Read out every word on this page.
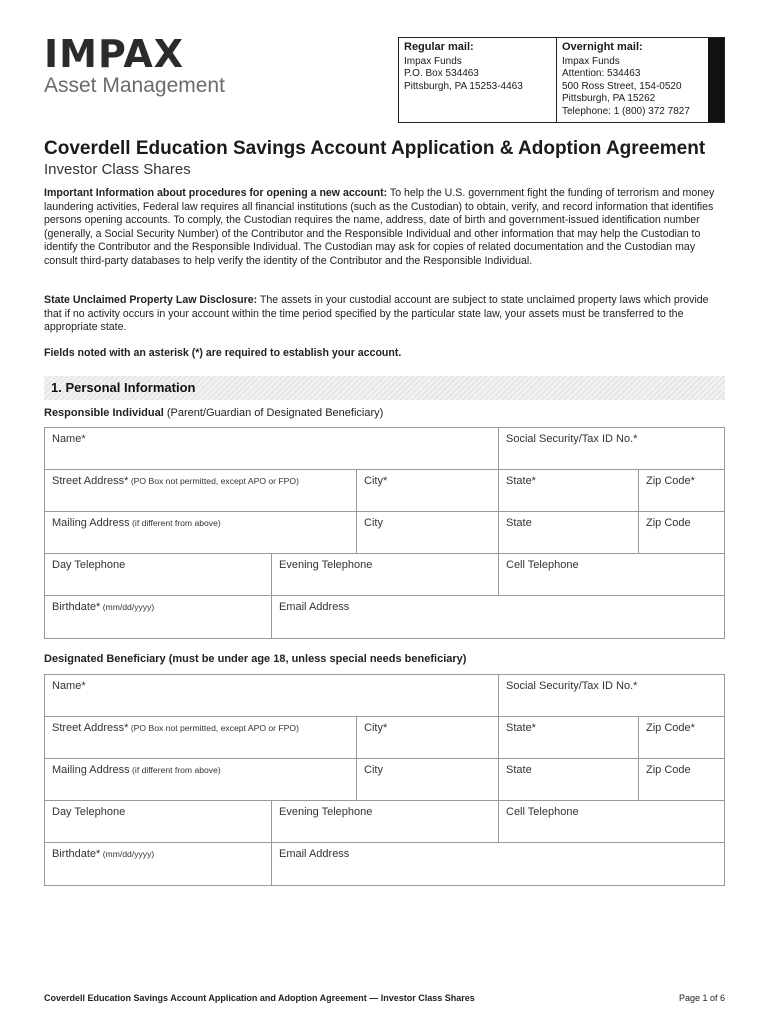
IMPAX
Asset Management
Regular mail:
Impax Funds
P.O. Box 534463
Pittsburgh, PA 15253-4463
Overnight mail:
Impax Funds
Attention: 534463
500 Ross Street, 154-0520
Pittsburgh, PA 15262
Telephone: 1 (800) 372 7827
Coverdell Education Savings Account Application & Adoption Agreement
Investor Class Shares
Important Information about procedures for opening a new account: To help the U.S. government fight the funding of terrorism and money laundering activities, Federal law requires all financial institutions (such as the Custodian) to obtain, verify, and record information that identifies persons opening accounts. To comply, the Custodian requires the name, address, date of birth and government-issued identification number (generally, a Social Security Number) of the Contributor and the Responsible Individual and other information that may help the Custodian to identify the Contributor and the Responsible Individual. The Custodian may ask for copies of related documentation and the Custodian may consult third-party databases to help verify the identity of the Contributor and the Responsible Individual.
State Unclaimed Property Law Disclosure: The assets in your custodial account are subject to state unclaimed property laws which provide that if no activity occurs in your account within the time period specified by the particular state law, your assets must be transferred to the appropriate state.
Fields noted with an asterisk (*) are required to establish your account.
1. Personal Information
Responsible Individual (Parent/Guardian of Designated Beneficiary)
Name*	Social Security/Tax ID No.*
Street Address* (PO Box not permitted, except APO or FPO)	City*	State*	Zip Code*
Mailing Address (if different from above)	City	State	Zip Code
Day Telephone	Evening Telephone	Cell Telephone
Birthdate* (mm/dd/yyyy)	Email Address
Designated Beneficiary (must be under age 18, unless special needs beneficiary)
Name*	Social Security/Tax ID No.*
Street Address* (PO Box not permitted, except APO or FPO)	City*	State*	Zip Code*
Mailing Address (if different from above)	City	State	Zip Code
Day Telephone	Evening Telephone	Cell Telephone
Birthdate* (mm/dd/yyyy)	Email Address
Coverdell Education Savings Account Application and Adoption Agreement — Investor Class Shares	Page 1 of 6
